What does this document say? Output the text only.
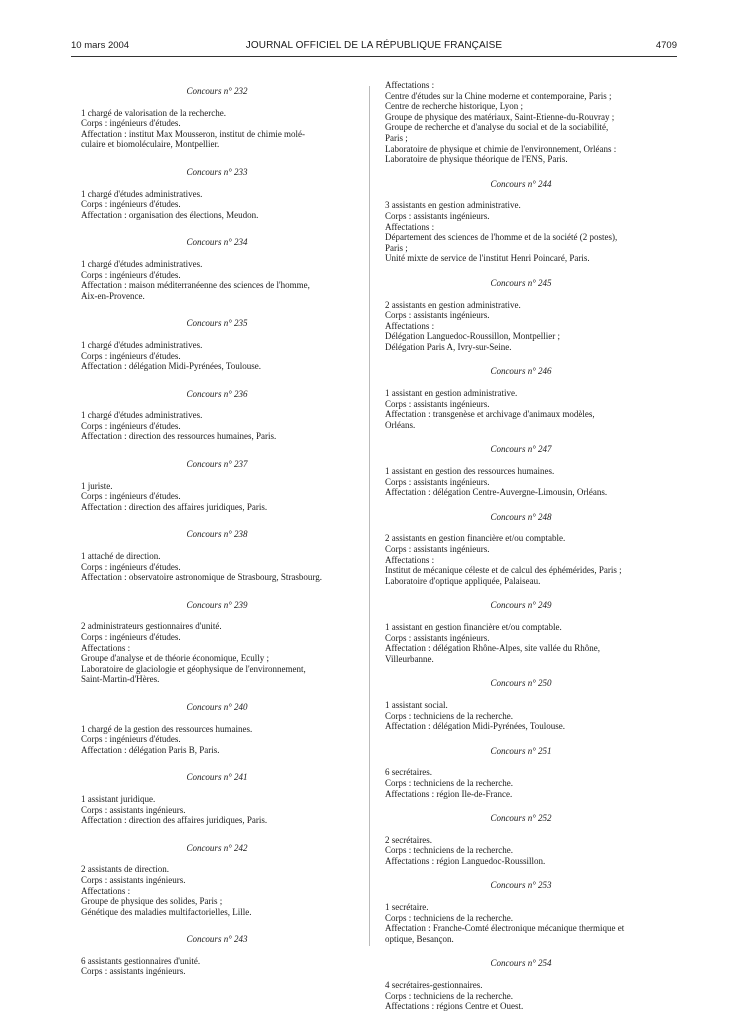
10 mars 2004	JOURNAL OFFICIEL DE LA RÉPUBLIQUE FRANÇAISE	4709
Concours n° 232
1 chargé de valorisation de la recherche.
Corps : ingénieurs d'études.
Affectation : institut Max Mousseron, institut de chimie molé-
culaire et biomoléculaire, Montpellier.
Concours n° 233
1 chargé d'études administratives.
Corps : ingénieurs d'études.
Affectation : organisation des élections, Meudon.
Concours n° 234
1 chargé d'études administratives.
Corps : ingénieurs d'études.
Affectation : maison méditerranéenne des sciences de l'homme,
Aix-en-Provence.
Concours n° 235
1 chargé d'études administratives.
Corps : ingénieurs d'études.
Affectation : délégation Midi-Pyrénées, Toulouse.
Concours n° 236
1 chargé d'études administratives.
Corps : ingénieurs d'études.
Affectation : direction des ressources humaines, Paris.
Concours n° 237
1 juriste.
Corps : ingénieurs d'études.
Affectation : direction des affaires juridiques, Paris.
Concours n° 238
1 attaché de direction.
Corps : ingénieurs d'études.
Affectation : observatoire astronomique de Strasbourg, Strasbourg.
Concours n° 239
2 administrateurs gestionnaires d'unité.
Corps : ingénieurs d'études.
Affectations :
Groupe d'analyse et de théorie économique, Ecully ;
Laboratoire de glaciologie et géophysique de l'environnement,
Saint-Martin-d'Hères.
Concours n° 240
1 chargé de la gestion des ressources humaines.
Corps : ingénieurs d'études.
Affectation : délégation Paris B, Paris.
Concours n° 241
1 assistant juridique.
Corps : assistants ingénieurs.
Affectation : direction des affaires juridiques, Paris.
Concours n° 242
2 assistants de direction.
Corps : assistants ingénieurs.
Affectations :
Groupe de physique des solides, Paris ;
Génétique des maladies multifactorielles, Lille.
Concours n° 243
6 assistants gestionnaires d'unité.
Corps : assistants ingénieurs.
Affectations :
Centre d'études sur la Chine moderne et contemporaine, Paris ;
Centre de recherche historique, Lyon ;
Groupe de physique des matériaux, Saint-Etienne-du-Rouvray ;
Groupe de recherche et d'analyse du social et de la sociabilité,
Paris ;
Laboratoire de physique et chimie de l'environnement, Orléans :
Laboratoire de physique théorique de l'ENS, Paris.
Concours n° 244
3 assistants en gestion administrative.
Corps : assistants ingénieurs.
Affectations :
Département des sciences de l'homme et de la société (2 postes),
Paris ;
Unité mixte de service de l'institut Henri Poincaré, Paris.
Concours n° 245
2 assistants en gestion administrative.
Corps : assistants ingénieurs.
Affectations :
Délégation Languedoc-Roussillon, Montpellier ;
Délégation Paris A, Ivry-sur-Seine.
Concours n° 246
1 assistant en gestion administrative.
Corps : assistants ingénieurs.
Affectation : transgenèse et archivage d'animaux modèles,
Orléans.
Concours n° 247
1 assistant en gestion des ressources humaines.
Corps : assistants ingénieurs.
Affectation : délégation Centre-Auvergne-Limousin, Orléans.
Concours n° 248
2 assistants en gestion financière et/ou comptable.
Corps : assistants ingénieurs.
Affectations :
Institut de mécanique céleste et de calcul des éphémérides, Paris ;
Laboratoire d'optique appliquée, Palaiseau.
Concours n° 249
1 assistant en gestion financière et/ou comptable.
Corps : assistants ingénieurs.
Affectation : délégation Rhône-Alpes, site vallée du Rhône,
Villeurbanne.
Concours n° 250
1 assistant social.
Corps : techniciens de la recherche.
Affectation : délégation Midi-Pyrénées, Toulouse.
Concours n° 251
6 secrétaires.
Corps : techniciens de la recherche.
Affectations : région Ile-de-France.
Concours n° 252
2 secrétaires.
Corps : techniciens de la recherche.
Affectations : région Languedoc-Roussillon.
Concours n° 253
1 secrétaire.
Corps : techniciens de la recherche.
Affectation : Franche-Comté électronique mécanique thermique et
optique, Besançon.
Concours n° 254
4 secrétaires-gestionnaires.
Corps : techniciens de la recherche.
Affectations : régions Centre et Ouest.
